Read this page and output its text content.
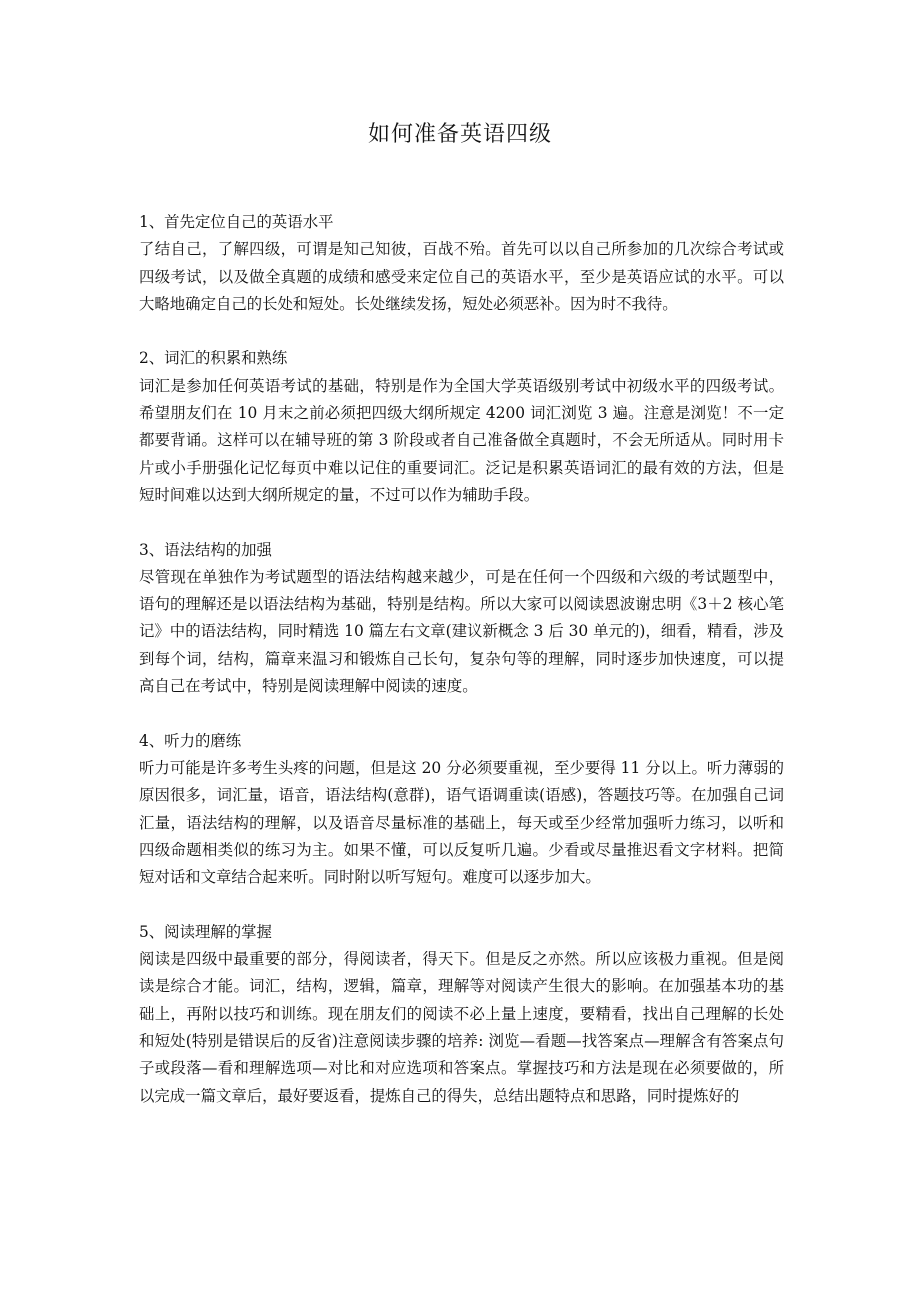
如何准备英语四级

1、首先定位自己的英语水平

了结自己，了解四级，可谓是知己知彼，百战不殆。首先可以以自己所参加的几次综合考试或四级考试，以及做全真题的成绩和感受来定位自己的英语水平，至少是英语应试的水平。可以大略地确定自己的长处和短处。长处继续发扬，短处必须恶补。因为时不我待。

2、词汇的积累和熟练

词汇是参加任何英语考试的基础，特别是作为全国大学英语级别考试中初级水平的四级考试。希望朋友们在 10 月末之前必须把四级大纲所规定 4200 词汇浏览 3 遍。注意是浏览！不一定都要背诵。这样可以在辅导班的第 3 阶段或者自己准备做全真题时，不会无所适从。同时用卡片或小手册强化记忆每页中难以记住的重要词汇。泛记是积累英语词汇的最有效的方法，但是短时间难以达到大纲所规定的量，不过可以作为辅助手段。

3、语法结构的加强

尽管现在单独作为考试题型的语法结构越来越少，可是在任何一个四级和六级的考试题型中，语句的理解还是以语法结构为基础，特别是结构。所以大家可以阅读恩波谢忠明《3＋2 核心笔记》中的语法结构，同时精选 10 篇左右文章(建议新概念 3 后 30 单元的)，细看，精看，涉及到每个词，结构，篇章来温习和锻炼自己长句，复杂句等的理解，同时逐步加快速度，可以提高自己在考试中，特别是阅读理解中阅读的速度。

4、听力的磨练

听力可能是许多考生头疼的问题，但是这 20 分必须要重视，至少要得 11 分以上。听力薄弱的原因很多，词汇量，语音，语法结构(意群)，语气语调重读(语感)，答题技巧等。在加强自己词汇量，语法结构的理解，以及语音尽量标准的基础上，每天或至少经常加强听力练习，以听和四级命题相类似的练习为主。如果不懂，可以反复听几遍。少看或尽量推迟看文字材料。把简短对话和文章结合起来听。同时附以听写短句。难度可以逐步加大。

5、阅读理解的掌握

阅读是四级中最重要的部分，得阅读者，得天下。但是反之亦然。所以应该极力重视。但是阅读是综合才能。词汇，结构，逻辑，篇章，理解等对阅读产生很大的影响。在加强基本功的基础上，再附以技巧和训练。现在朋友们的阅读不必上量上速度，要精看，找出自己理解的长处和短处(特别是错误后的反省)注意阅读步骤的培养: 浏览—看题—找答案点—理解含有答案点句子或段落—看和理解选项—对比和对应选项和答案点。掌握技巧和方法是现在必须要做的，所以完成一篇文章后，最好要返看，提炼自己的得失，总结出题特点和思路，同时提炼好的
